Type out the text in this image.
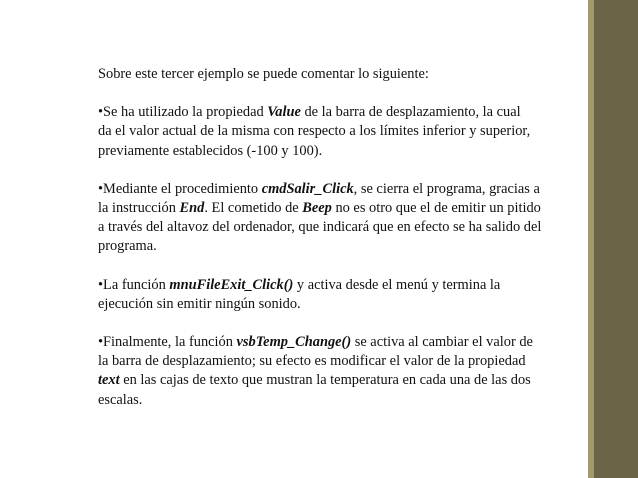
Sobre este tercer ejemplo se puede comentar lo siguiente:

•Se ha utilizado la propiedad Value de la barra de desplazamiento, la cual
da el valor actual de la misma con respecto a los límites inferior y superior,
previamente establecidos (-100 y 100).

•Mediante el procedimiento cmdSalir_Click, se cierra el programa, gracias a
la instrucción End. El cometido de Beep no es otro que el de emitir un pitido
a través del altavoz del ordenador, que indicará que en efecto se ha salido del
programa.

•La función mnuFileExit_Click() y activa desde el menú y termina la
ejecución sin emitir ningún sonido.

•Finalmente, la función vsbTemp_Change() se activa al cambiar el valor de
la barra de desplazamiento; su efecto es modificar el valor de la propiedad
text en las cajas de texto que mustran la temperatura en cada una de las dos
escalas.
